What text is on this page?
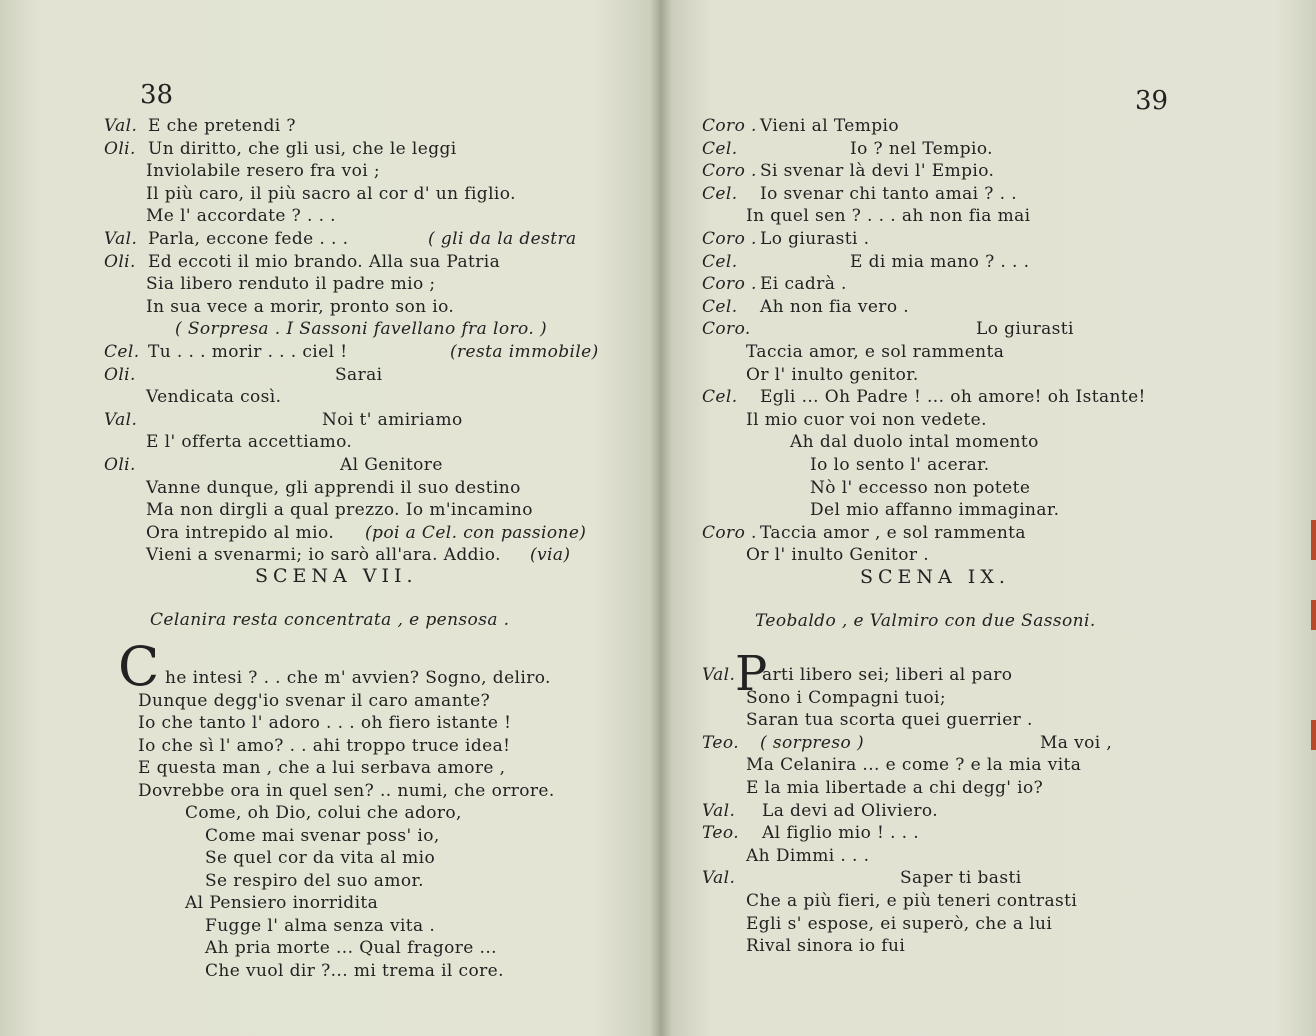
38
Val. E che pretendi ?
Oli. Un diritto, che gli usi, che le leggi
Inviolabile resero fra voi ;
Il più caro, il più sacro al cor d' un figlio.
Me l' accordate ? . . .
Val. Parla, eccone fede . . .	( gli da la destra
Oli. Ed eccoti il mio brando. Alla sua Patria
Sia libero renduto il padre mio ;
In sua vece a morir, pronto son io.
( Sorpresa . I Sassoni favellano fra loro. )
Cel. Tu . . . morir . . . ciel !	(resta immobile)
Oli.	Sarai
Vendicata così.
Val.	Noi t' amiriamo
E l' offerta accettiamo.
Oli.	Al Genitore
Vanne dunque, gli apprendi il suo destino
Ma non dirgli a qual prezzo. Io m'incamino
Ora intrepido al mio. (poi a Cel. con passione)
Vieni a svenarmi; io sarò all'ara. Addio. (via)
SCENA VII.
Celanira resta concentrata , e pensosa .
C he intesi ? . . che m' avvien? Sogno, deliro.
Dunque degg'io svenar il caro amante?
Io che tanto l' adoro . . . oh fiero istante !
Io che sì l' amo? . . ahi troppo truce idea!
E questa man , che a lui serbava amore ,
Dovrebbe ora in quel sen? .. numi, che orrore.
Come, oh Dio, colui che adoro,
Come mai svenar poss' io,
Se quel cor da vita al mio
Se respiro del suo amor.
Al Pensiero inorridita
Fugge l' alma senza vita .
Ah pria morte ... Qual fragore ...
Che vuol dir ?... mi trema il core.
39
Coro . Vieni al Tempio
Cel.	Io ? nel Tempio.
Coro . Si svenar là devi l' Empio.
Cel. Io svenar chi tanto amai ? . .
In quel sen ? . . . ah non fia mai
Coro . Lo giurasti .
Cel.	E di mia mano ? . . .
Coro . Ei cadrà .
Cel. Ah non fia vero .
Coro.	Lo giurasti
Taccia amor, e sol rammenta
Or l' inulto genitor.
Cel. Egli ... Oh Padre ! ... oh amore! oh Istante!
Il mio cuor voi non vedete.
Ah dal duolo intal momento
Io lo sento l' acerar.
Nò l' eccesso non potete
Del mio affanno immaginar.
Coro . Taccia amor , e sol rammenta
Or l' inulto Genitor .
SCENA IX.
Teobaldo , e Valmiro con due Sassoni.
P
Val. arti libero sei; liberi al paro
Sono i Compagni tuoi;
Saran tua scorta quei guerrier .
Teo.	Ma voi ,
( sorpreso )
Ma Celanira ... e come ? e la mia vita
E la mia libertade a chi degg' io?
Val. La devi ad Oliviero.
Teo. Al figlio mio ! . . .
Ah Dimmi . . .
Val.	Saper ti basti
Che a più fieri, e più teneri contrasti
Egli s' espose, ei superò, che a lui
Rival sinora io fui
